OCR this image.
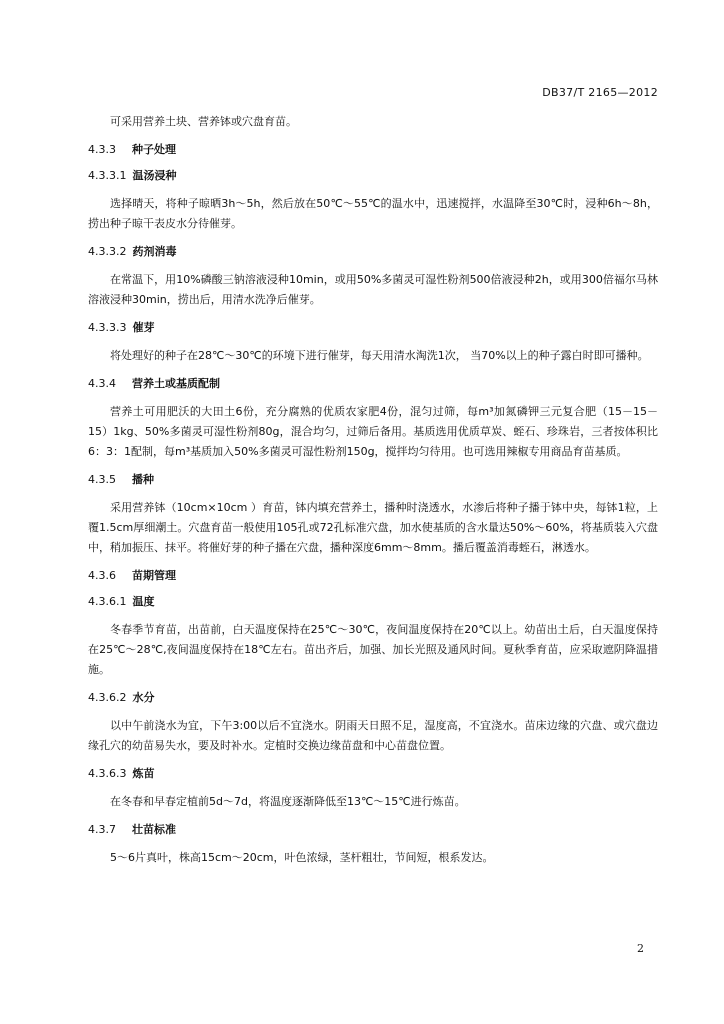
DB37/T 2165—2012

可采用营养土块、营养钵或穴盘育苗。

4.3.3 种子处理
4.3.3.1 温汤浸种

选择晴天，将种子晾晒3h～5h，然后放在50℃～55℃的温水中，迅速搅拌，水温降至30℃时，浸种6h～8h，捞出种子晾干表皮水分待催芽。

4.3.3.2 药剂消毒

在常温下，用10%磷酸三钠溶液浸种10min，或用50%多菌灵可湿性粉剂500倍液浸种2h，或用300倍福尔马林溶液浸种30min，捞出后，用清水洗净后催芽。

4.3.3.3 催芽

将处理好的种子在28℃～30℃的环境下进行催芽，每天用清水淘洗1次， 当70%以上的种子露白时即可播种。

4.3.4 营养土或基质配制

营养土可用肥沃的大田土6份，充分腐熟的优质农家肥4份，混匀过筛，每m³加氮磷钾三元复合肥（15－15－15）1kg、50%多菌灵可湿性粉剂80g，混合均匀，过筛后备用。基质选用优质草炭、蛭石、珍珠岩，三者按体积比6：3：1配制，每m³基质加入50%多菌灵可湿性粉剂150g，搅拌均匀待用。也可选用辣椒专用商品育苗基质。

4.3.5 播种

采用营养钵（10cm×10cm ）育苗，钵内填充营养土，播种时浇透水，水渗后将种子播于钵中央，每钵1粒，上覆1.5cm厚细潮土。穴盘育苗一般使用105孔或72孔标准穴盘，加水使基质的含水量达50%～60%，将基质装入穴盘中，稍加振压、抹平。将催好芽的种子播在穴盘，播种深度6mm～8mm。播后覆盖消毒蛭石，淋透水。

4.3.6 苗期管理
4.3.6.1 温度

冬春季节育苗，出苗前，白天温度保持在25℃～30℃，夜间温度保持在20℃以上。幼苗出土后，白天温度保持在25℃～28℃,夜间温度保持在18℃左右。苗出齐后，加强、加长光照及通风时间。夏秋季育苗，应采取遮阴降温措施。

4.3.6.2 水分

以中午前浇水为宜，下午3:00以后不宜浇水。阴雨天日照不足，湿度高，不宜浇水。苗床边缘的穴盘、或穴盘边缘孔穴的幼苗易失水，要及时补水。定植时交换边缘苗盘和中心苗盘位置。

4.3.6.3 炼苗

在冬春和早春定植前5d～7d，将温度逐渐降低至13℃～15℃进行炼苗。

4.3.7 壮苗标准

5～6片真叶，株高15cm～20cm，叶色浓绿，茎杆粗壮，节间短，根系发达。

2
